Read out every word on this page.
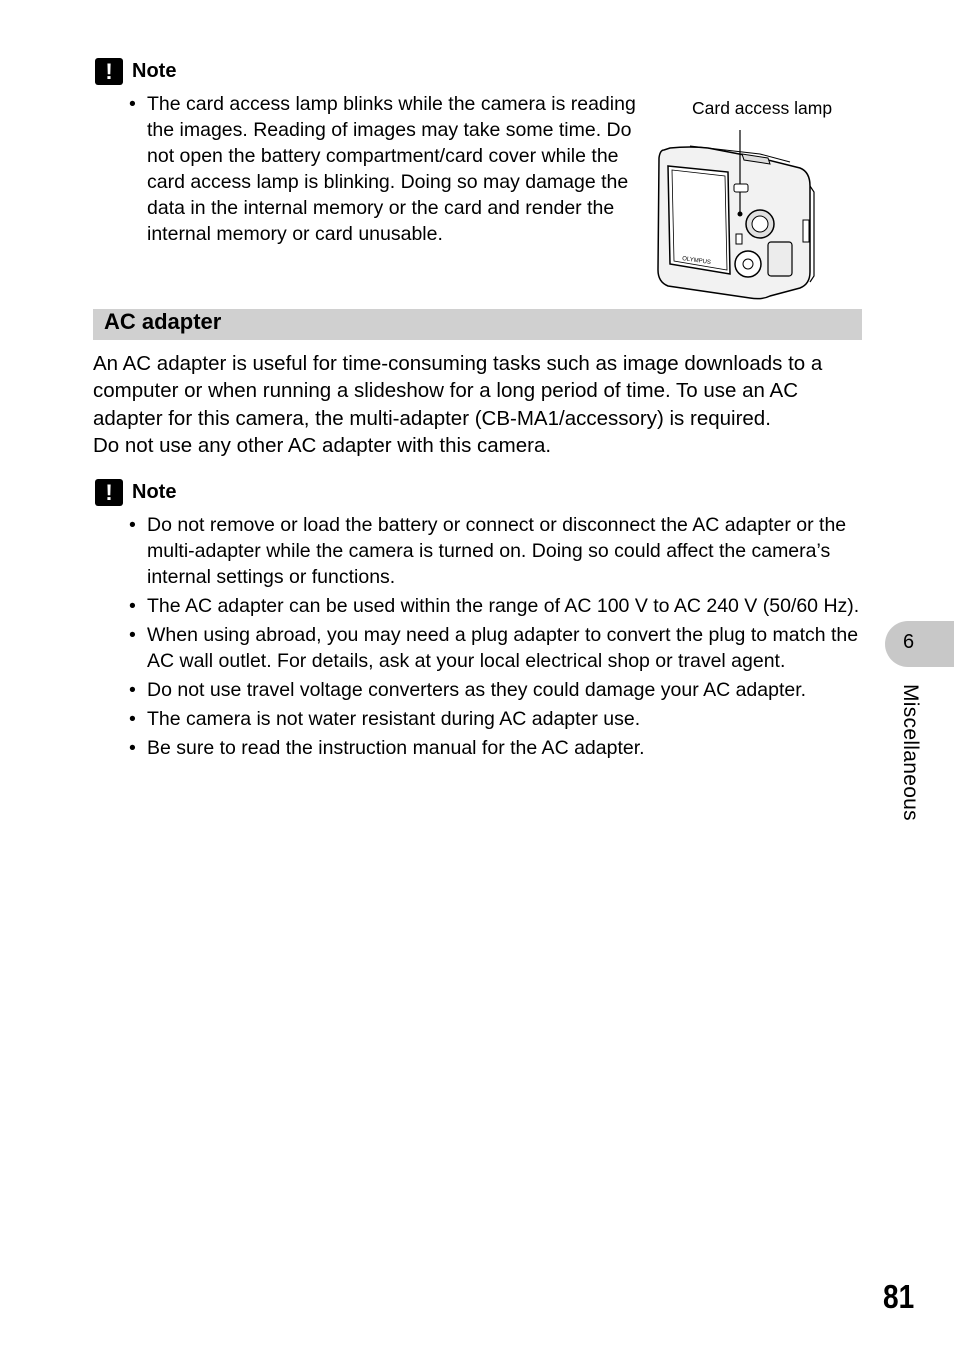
! Note
• The card access lamp blinks while the camera is reading the images. Reading of images may take some time. Do not open the battery compartment/card cover while the card access lamp is blinking. Doing so may damage the data in the internal memory or the card and render the internal memory or card unusable.
OLYMPUS
Card access lamp
AC adapter

An AC adapter is useful for time-consuming tasks such as image downloads to a computer or when running a slideshow for a long period of time. To use an AC adapter for this camera, the multi-adapter (CB-MA1/accessory) is required.
Do not use any other AC adapter with this camera.

! Note
• Do not remove or load the battery or connect or disconnect the AC adapter or the multi-adapter while the camera is turned on. Doing so could affect the camera’s internal settings or functions.
• The AC adapter can be used within the range of AC 100 V to AC 240 V (50/60 Hz).
• When using abroad, you may need a plug adapter to convert the plug to match the AC wall outlet. For details, ask at your local electrical shop or travel agent.
• Do not use travel voltage converters as they could damage your AC adapter.
• The camera is not water resistant during AC adapter use.
• Be sure to read the instruction manual for the AC adapter.
6
Miscellaneous
81
